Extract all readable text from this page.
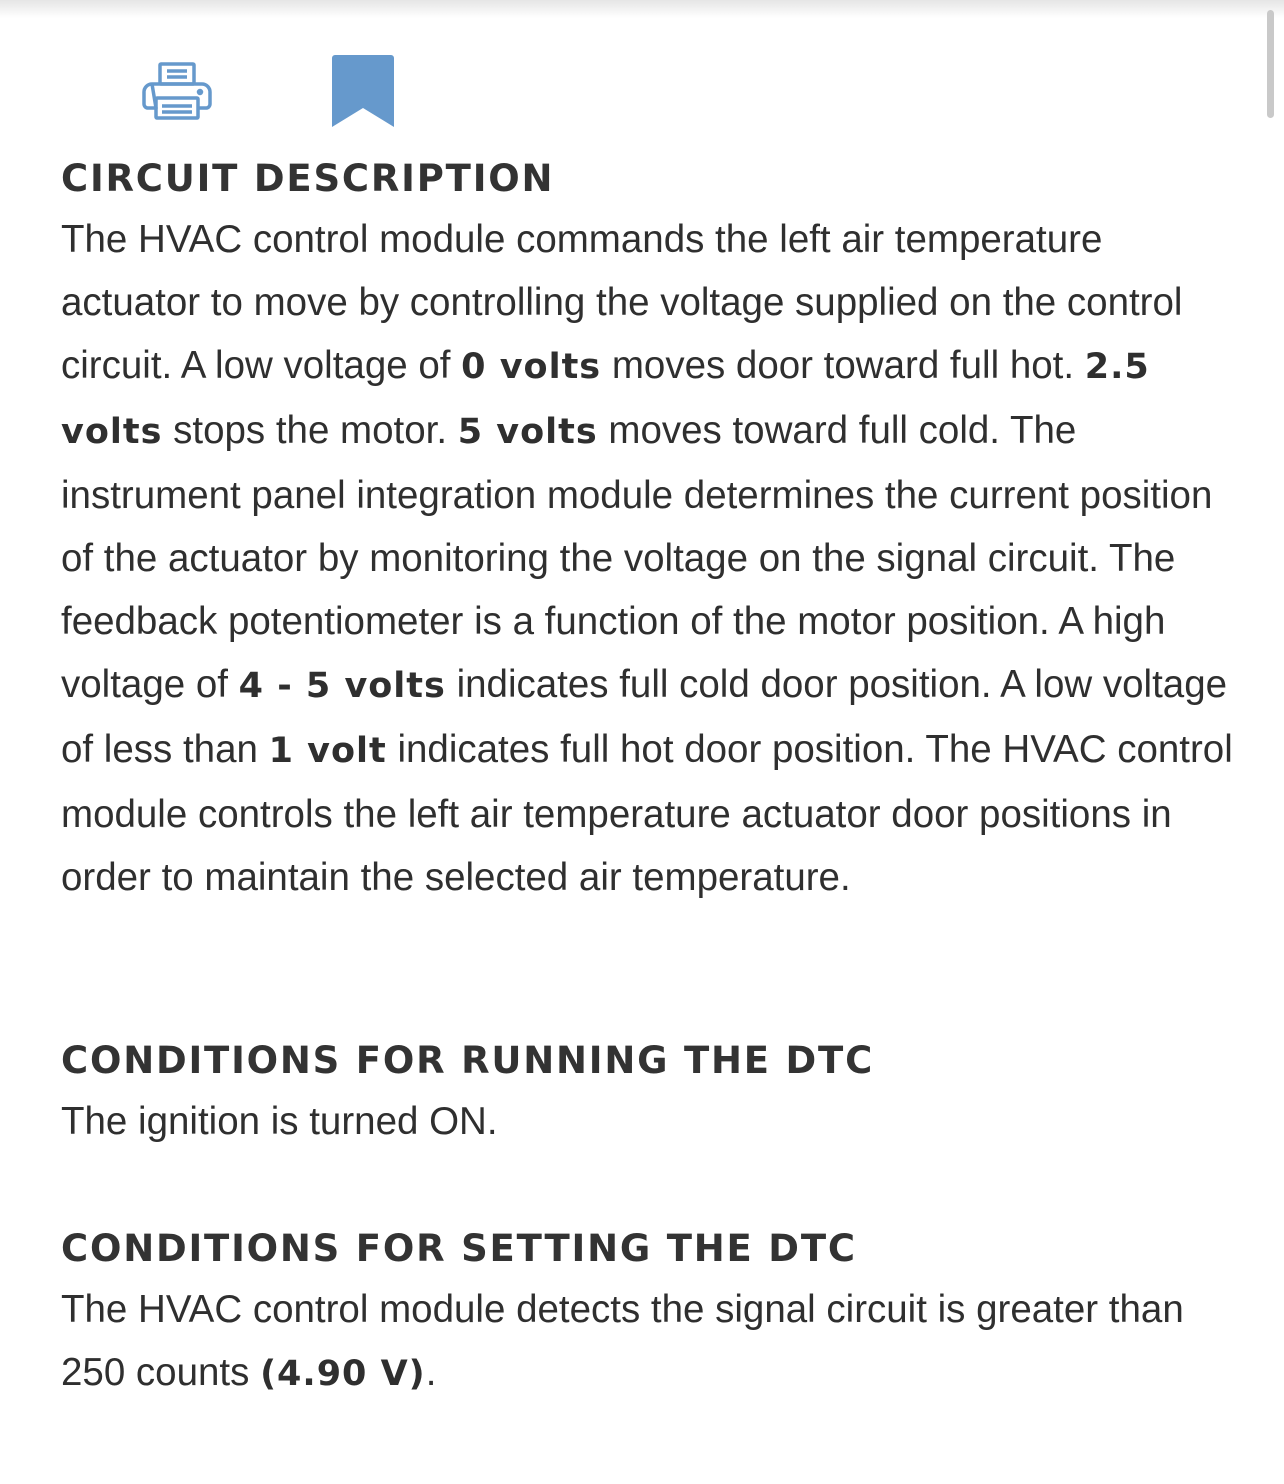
CIRCUIT DESCRIPTION

The HVAC control module commands the left air temperature actuator to move by controlling the voltage supplied on the control circuit. A low voltage of 0 volts moves door toward full hot. 2.5 volts stops the motor. 5 volts moves toward full cold. The instrument panel integration module determines the current position of the actuator by monitoring the voltage on the signal circuit. The feedback potentiometer is a function of the motor position. A high voltage of 4 - 5 volts indicates full cold door position. A low voltage of less than 1 volt indicates full hot door position. The HVAC control module controls the left air temperature actuator door positions in order to maintain the selected air temperature.

CONDITIONS FOR RUNNING THE DTC

The ignition is turned ON.

CONDITIONS FOR SETTING THE DTC

The HVAC control module detects the signal circuit is greater than 250 counts (4.90 V).
